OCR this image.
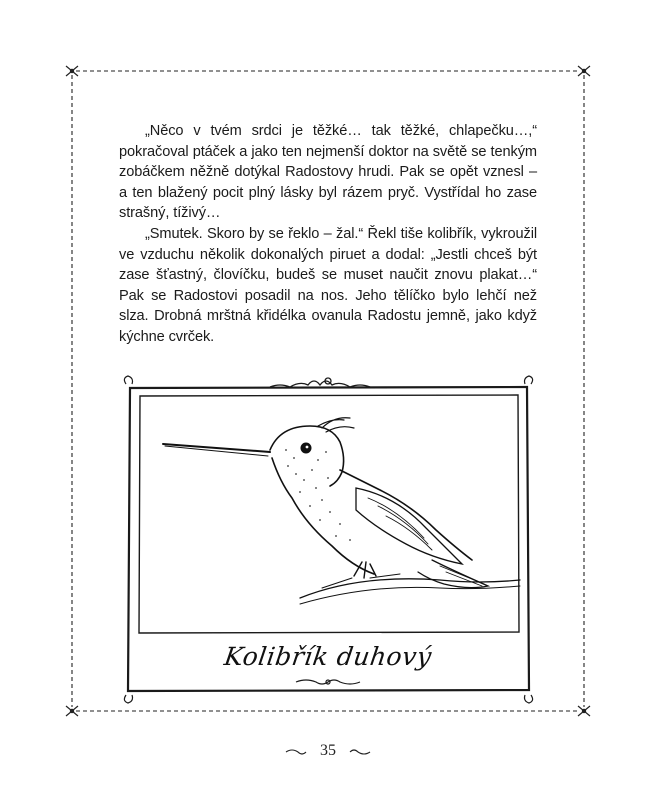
„Něco v tvém srdci je těžké… tak těžké, chlapečku…,“ pokračoval ptáček a jako ten nejmenší doktor na světě se tenkým zobáčkem něžně dotýkal Radostovy hrudi. Pak se opět vznesl – a ten blažený pocit plný lásky byl rázem pryč. Vystřídal ho zase strašný, tíživý…

„Smutek. Skoro by se řeklo – žal.“ Řekl tiše kolibřík, vykroužil ve vzduchu několik dokonalých piruet a dodal: „Jestli chceš být zase šťastný, človíčku, budeš se muset naučit znovu plakat…“ Pak se Radostovi posadil na nos. Jeho tělíčko bylo lehčí než slza. Drobná mrštná křidélka ovanula Radostu jemně, jako když kýchne cvrček.

Kolibřík duhový
35
